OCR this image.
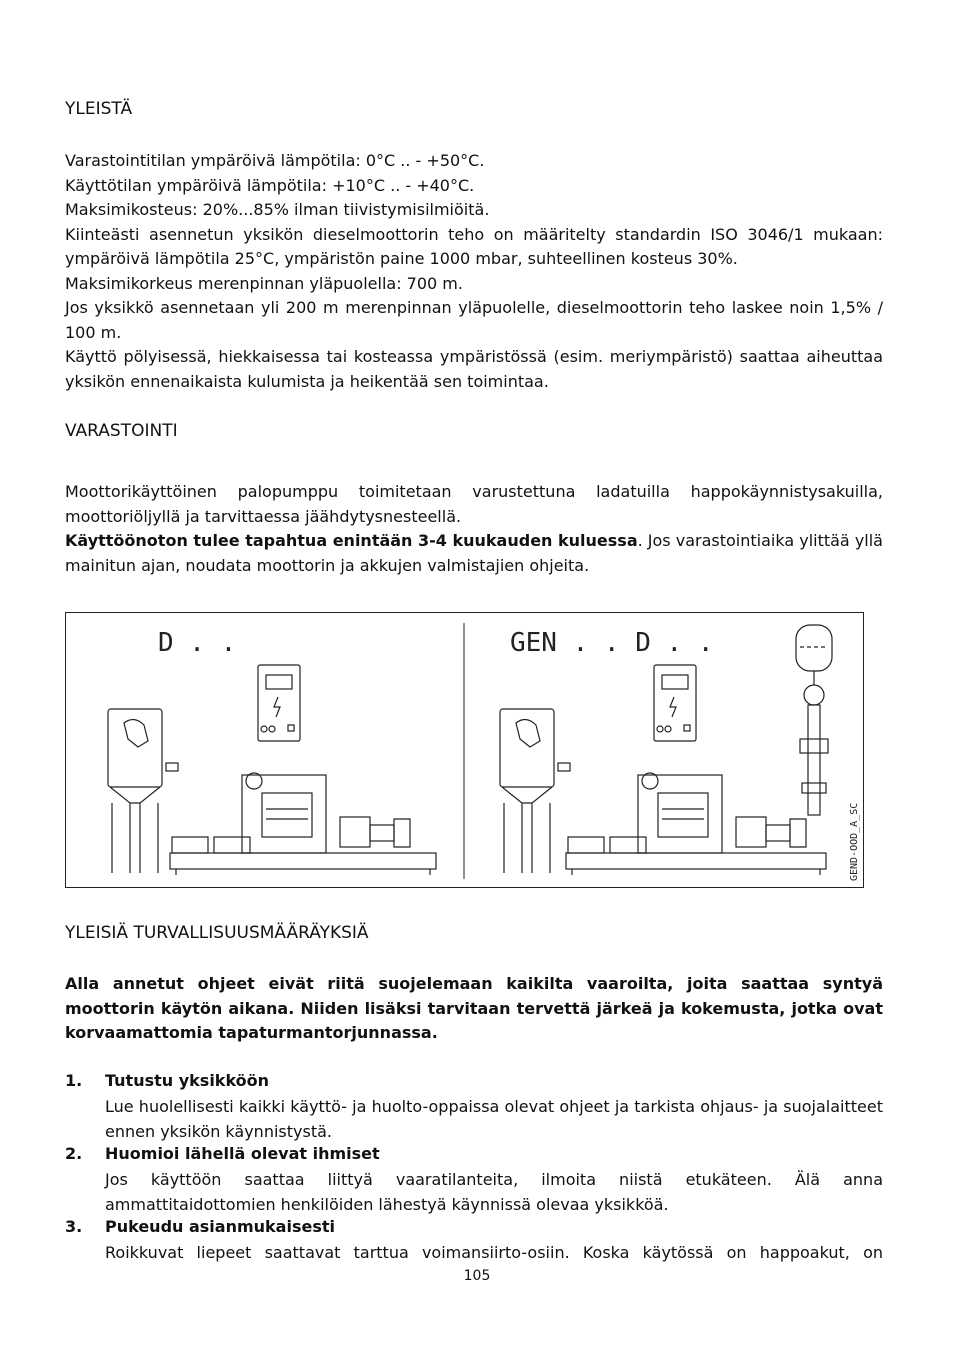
YLEISTÄ

Varastointitilan ympäröivä lämpötila: 0°C .. - +50°C.

Käyttötilan ympäröivä lämpötila: +10°C .. - +40°C.

Maksimikosteus: 20%...85% ilman tiivistymisilmiöitä.

Kiinteästi asennetun yksikön dieselmoottorin teho on määritelty standardin ISO 3046/1 mukaan: ympäröivä lämpötila 25°C, ympäristön paine 1000 mbar, suhteellinen kosteus 30%.

Maksimikorkeus merenpinnan yläpuolella: 700 m.

Jos yksikkö asennetaan yli 200 m merenpinnan yläpuolelle, dieselmoottorin teho laskee noin 1,5% / 100 m.

Käyttö pölyisessä, hiekkaisessa tai kosteassa ympäristössä (esim. meriympäristö) saattaa aiheuttaa yksikön ennenaikaista kulumista ja heikentää sen toimintaa.

VARASTOINTI

Moottorikäyttöinen palopumppu toimitetaan varustettuna ladatuilla happokäynnistysakuilla, moottoriöljyllä ja tarvittaessa jäähdytysnesteellä.

Käyttöönoton tulee tapahtua enintään 3-4 kuukauden kuluessa. Jos varastointiaika ylittää yllä mainitun ajan, noudata moottorin ja akkujen valmistajien ohjeita.

D . .	GEN . . D . .
GEND-OOD_A_SC
YLEISIÄ TURVALLISUUSMÄÄRÄYKSIÄ

Alla annetut ohjeet eivät riitä suojelemaan kaikilta vaaroilta, joita saattaa syntyä moottorin käytön aikana. Niiden lisäksi tarvitaan tervettä järkeä ja kokemusta, jotka ovat korvaamattomia tapaturmantorjunnassa.

1. Tutustu yksikköön

Lue huolellisesti kaikki käyttö- ja huolto-oppaissa olevat ohjeet ja tarkista ohjaus- ja suojalaitteet ennen yksikön käynnistystä.

2. Huomioi lähellä olevat ihmiset

Jos käyttöön saattaa liittyä vaaratilanteita, ilmoita niistä etukäteen. Älä anna ammattitaidottomien henkilöiden lähestyä käynnissä olevaa yksikköä.

3. Pukeudu asianmukaisesti

Roikkuvat liepeet saattavat tarttua voimansiirto-osiin. Koska käytössä on happoakut, on

105
